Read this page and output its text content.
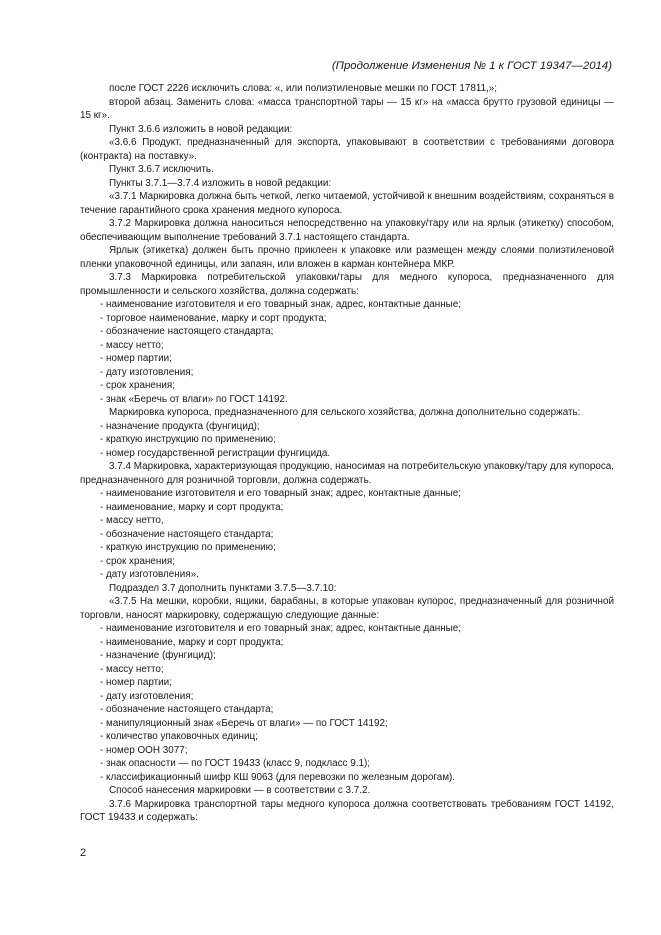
(Продолжение Изменения № 1 к ГОСТ 19347—2014)

после ГОСТ 2226 исключить слова: «, или полиэтиленовые мешки по ГОСТ 17811,»;

второй абзац. Заменить слова: «масса транспортной тары — 15 кг» на «масса брутто грузовой единицы — 15 кг».

Пункт 3.6.6 изложить в новой редакции:

«3.6.6 Продукт, предназначенный для экспорта, упаковывают в соответствии с требованиями договора (контракта) на поставку».

Пункт 3.6.7 исключить.

Пункты 3.7.1—3.7.4 изложить в новой редакции:

«3.7.1 Маркировка должна быть четкой, легко читаемой, устойчивой к внешним воздействиям, сохраняться в течение гарантийного срока хранения медного купороса.

3.7.2 Маркировка должна наноситься непосредственно на упаковку/тару или на ярлык (этикетку) способом, обеспечивающим выполнение требований 3.7.1 настоящего стандарта.

Ярлык (этикетка) должен быть прочно приклеен к упаковке или размещен между слоями полиэтиленовой пленки упаковочной единицы, или запаян, или вложен в карман контейнера МКР.

3.7.3 Маркировка потребительской упаковки/тары для медного купороса, предназначенного для промышленности и сельского хозяйства, должна содержать:

- наименование изготовителя и его товарный знак, адрес, контактные данные;

- торговое наименование, марку и сорт продукта;

- обозначение настоящего стандарта;

- массу нетто;

- номер партии;

- дату изготовления;

- срок хранения;

- знак «Беречь от влаги» по ГОСТ 14192.

Маркировка купороса, предназначенного для сельского хозяйства, должна дополнительно содержать:

- назначение продукта (фунгицид);

- краткую инструкцию по применению;

- номер государственной регистрации фунгицида.

3.7.4 Маркировка, характеризующая продукцию, наносимая на потребительскую упаковку/тару для купороса, предназначенного для розничной торговли, должна содержать.

- наименование изготовителя и его товарный знак; адрес, контактные данные;

- наименование, марку и сорт продукта;

- массу нетто,

- обозначение настоящего стандарта;

- краткую инструкцию по применению;

- срок хранения;

- дату изготовления».

Подраздел 3.7 дополнить пунктами 3.7.5—3.7.10:

«3.7.5 На мешки, коробки, ящики, барабаны, в которые упакован купорос, предназначенный для розничной торговли, наносят маркировку, содержащую следующие данные:

- наименование изготовителя и его товарный знак; адрес, контактные данные;

- наименование, марку и сорт продукта;

- назначение (фунгицид);

- массу нетто;

- номер партии;

- дату изготовления;

- обозначение настоящего стандарта;

- манипуляционный знак «Беречь от влаги» — по ГОСТ 14192;

- количество упаковочных единиц;

- номер ООН 3077;

- знак опасности — по ГОСТ 19433 (класс 9, подкласс 9.1);

- классификационный шифр КШ 9063 (для перевозки по железным дорогам).

Способ нанесения маркировки — в соответствии с 3.7.2.

3.7.6 Маркировка транспортной тары медного купороса должна соответствовать требованиям ГОСТ 14192, ГОСТ 19433 и содержать:

2
